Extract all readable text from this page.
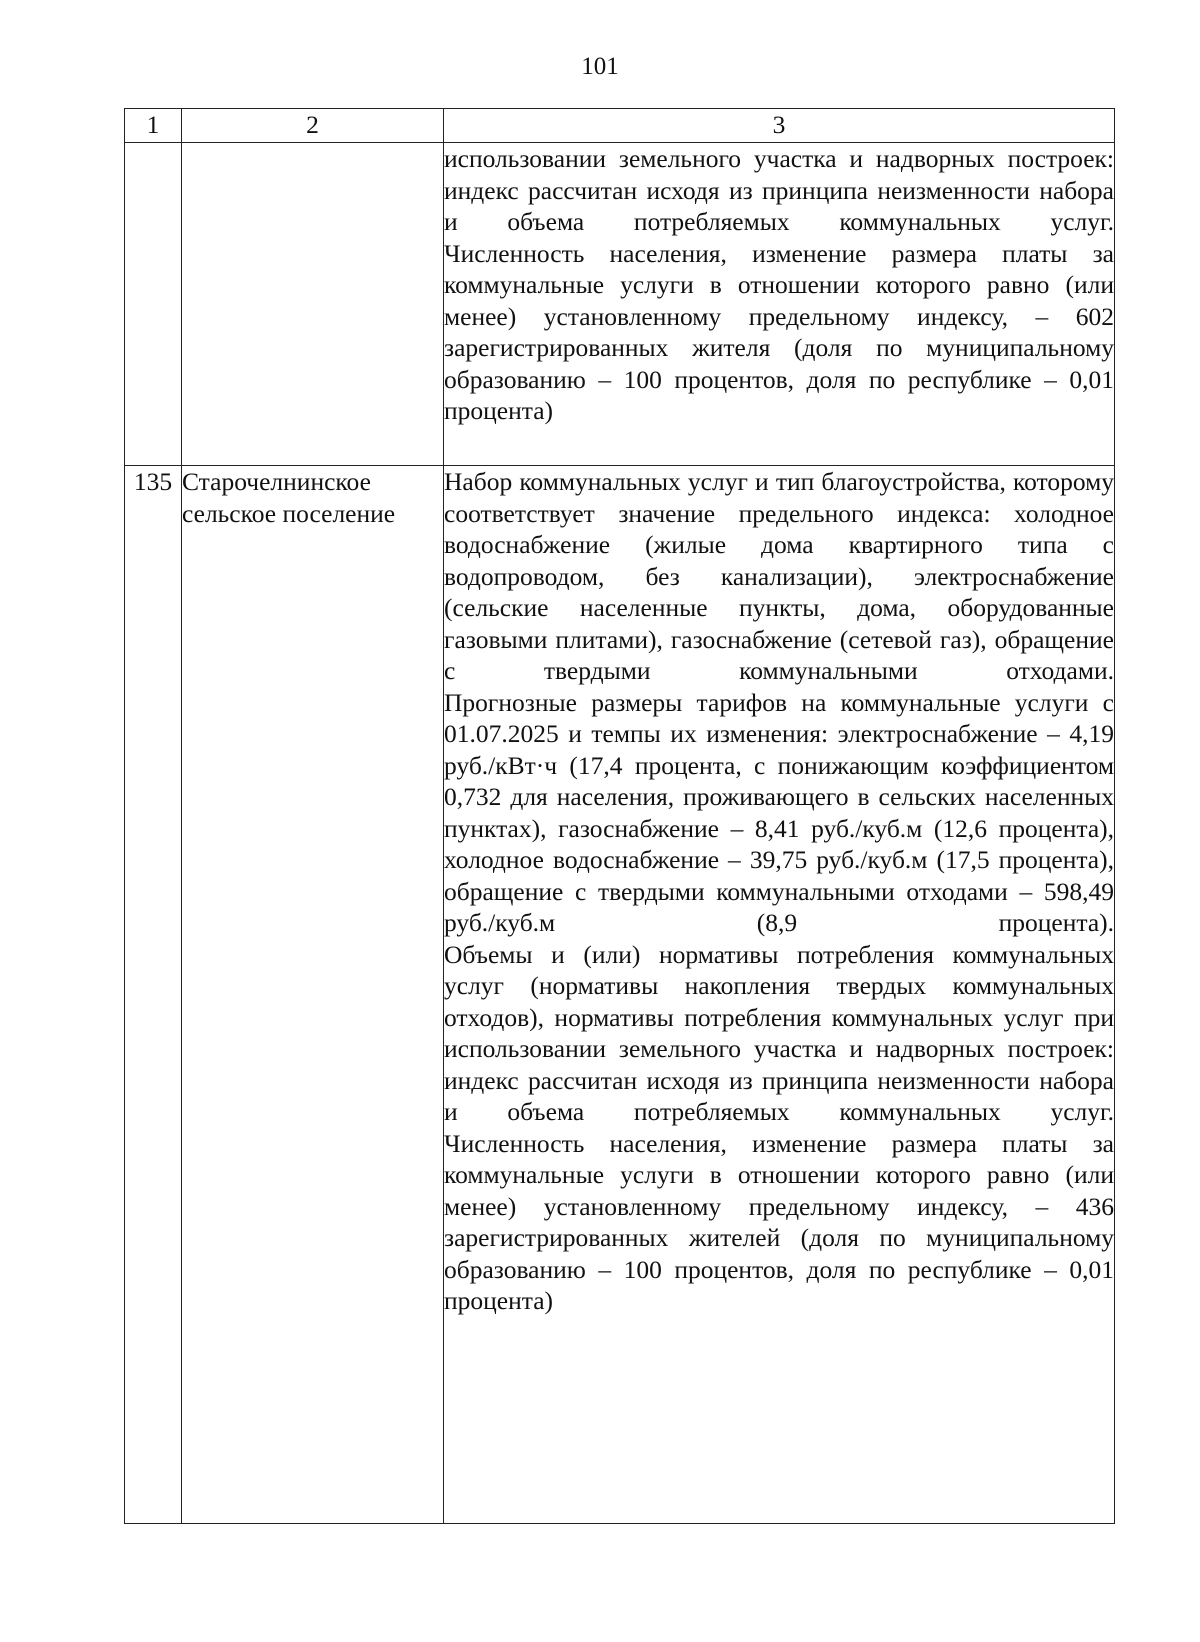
101
1	2	3

		использовании земельного участка и надворных построек: индекс рассчитан исходя из принципа неизменности набора и объема потребляемых коммунальных услуг.
Численность населения, изменение размера платы за коммунальные услуги в отношении которого равно (или менее) установленному предельному индексу, – 602 зарегистрированных жителя (доля по муниципальному образованию – 100 процентов, доля по республике – 0,01 процента)

135	Старочелнинское сельское поселение	Набор коммунальных услуг и тип благоустройства, которому соответствует значение предельного индекса: холодное водоснабжение (жилые дома квартирного типа с водопроводом, без канализации), электроснабжение (сельские населенные пункты, дома, оборудованные газовыми плитами), газоснабжение (сетевой газ), обращение с твердыми коммунальными отходами.
Прогнозные размеры тарифов на коммунальные услуги с 01.07.2025 и темпы их изменения: электроснабжение – 4,19 руб./кВт·ч (17,4 процента, с понижающим коэффициентом 0,732 для населения, проживающего в сельских населенных пунктах), газоснабжение – 8,41 руб./куб.м (12,6 процента), холодное водоснабжение – 39,75 руб./куб.м (17,5 процента), обращение с твердыми коммунальными отходами – 598,49 руб./куб.м (8,9 процента).
Объемы и (или) нормативы потребления коммунальных услуг (нормативы накопления твердых коммунальных отходов), нормативы потребления коммунальных услуг при использовании земельного участка и надворных построек: индекс рассчитан исходя из принципа неизменности набора и объема потребляемых коммунальных услуг.
Численность населения, изменение размера платы за коммунальные услуги в отношении которого равно (или менее) установленному предельному индексу, – 436 зарегистрированных жителей (доля по муниципальному образованию – 100 процентов, доля по республике – 0,01 процента)
